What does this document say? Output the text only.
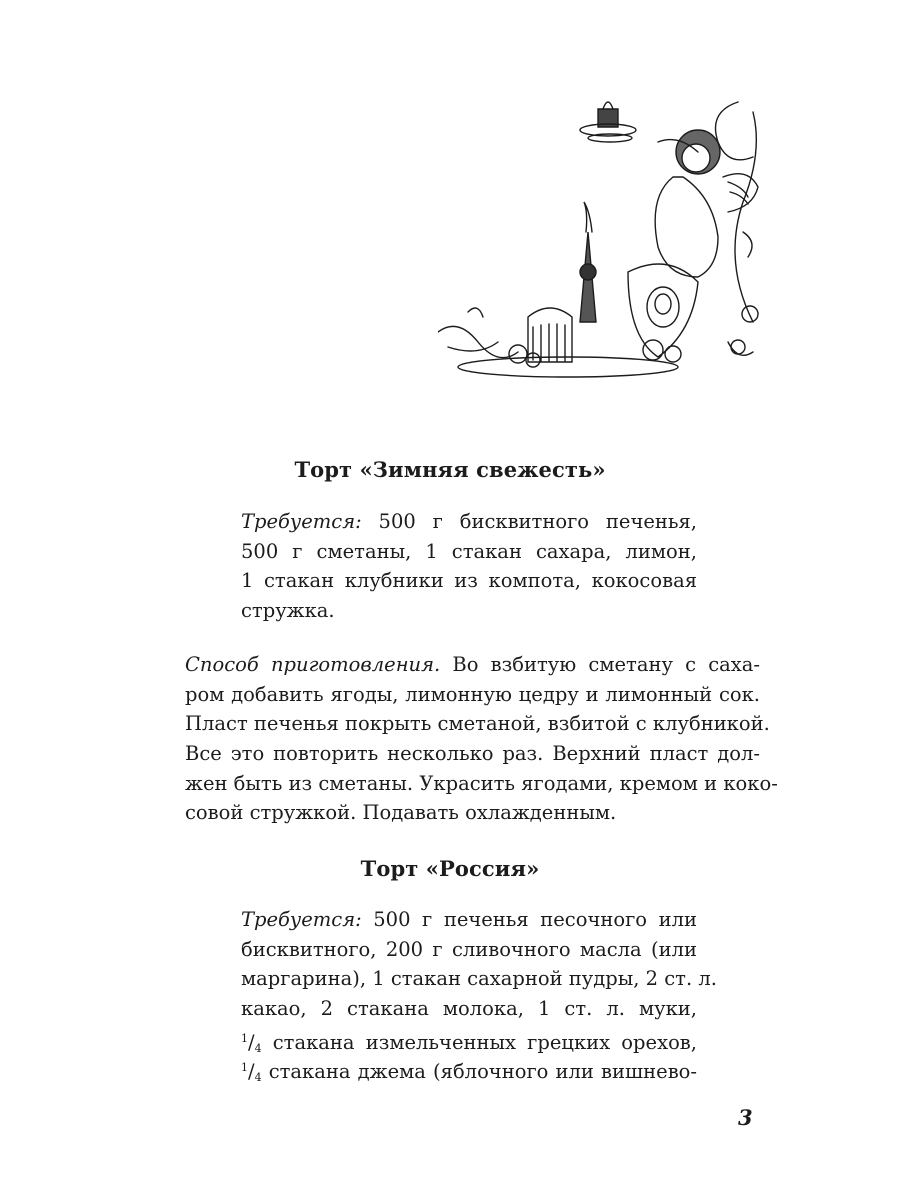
Торт «Зимняя свежесть»
Требуется: 500 г бисквитного печенья,
500 г сметаны, 1 стакан сахара, лимон,
1 стакан клубники из компота, кокосовая
стружка.
Способ приготовления. Во взбитую сметану с саха-
ром добавить ягоды, лимонную цедру и лимонный сок.
Пласт печенья покрыть сметаной, взбитой с клубникой.
Все это повторить несколько раз. Верхний пласт дол-
жен быть из сметаны. Украсить ягодами, кремом и коко-
совой стружкой. Подавать охлажденным.
Торт «Россия»
Требуется: 500 г печенья песочного или
бисквитного, 200 г сливочного масла (или
маргарина), 1 стакан сахарной пудры, 2 ст. л.
какао, 2 стакана молока, 1 ст. л. муки,
$^1/_4$ стакана измельченных грецких орехов,
$^1/_4$ стакана джема (яблочного или вишнево-
3
